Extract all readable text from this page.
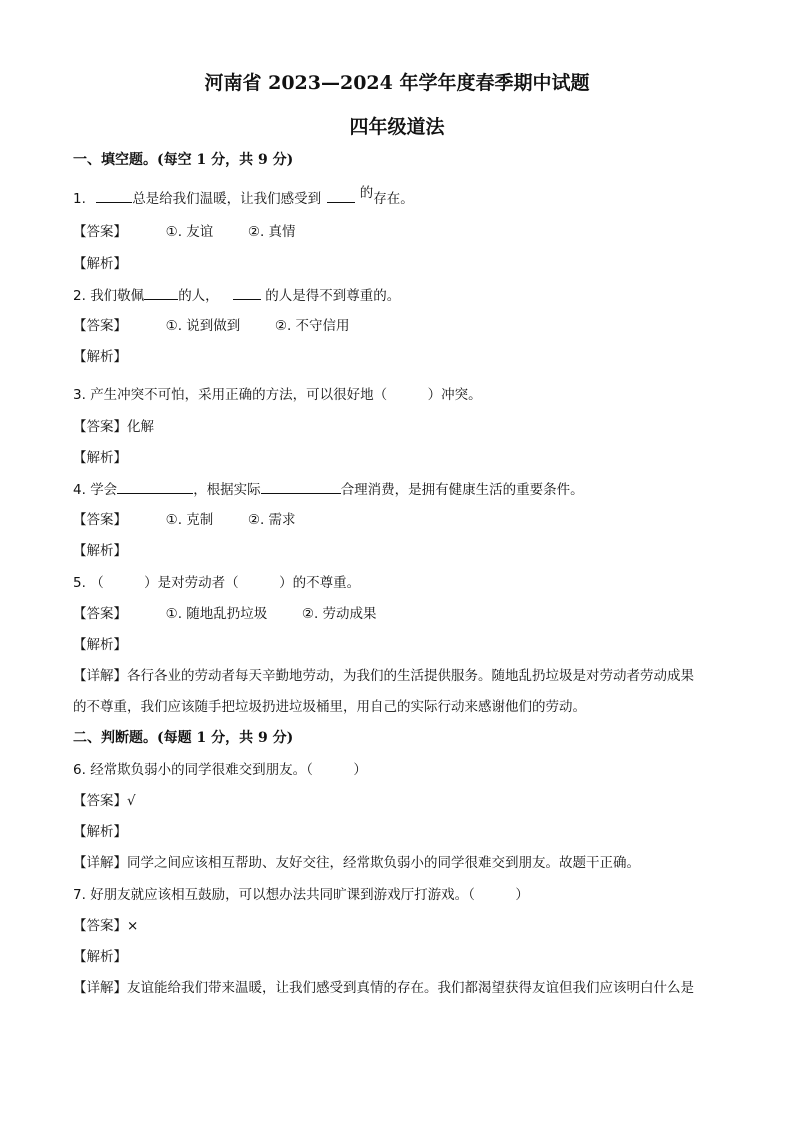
河南省 2023—2024 年学年度春季期中试题
四年级道法
一、填空题。(每空 1 分，共 9 分)
1.	总是给我们温暖，让我们感受到	的存在。
【答案】	①. 友谊	②. 真情
【解析】
2. 我们敬佩	的人，	的人是得不到尊重的。
【答案】	①. 说到做到	②. 不守信用
【解析】
3. 产生冲突不可怕，采用正确的方法，可以很好地（　　　）冲突。
【答案】化解
【解析】
4. 学会	，根据实际	合理消费，是拥有健康生活的重要条件。
【答案】	①. 克制	②. 需求
【解析】
5. （　　　）是对劳动者（　　　）的不尊重。
【答案】	①. 随地乱扔垃圾	②. 劳动成果
【解析】
【详解】各行各业的劳动者每天辛勤地劳动，为我们的生活提供服务。随地乱扔垃圾是对劳动者劳动成果
的不尊重，我们应该随手把垃圾扔进垃圾桶里，用自己的实际行动来感谢他们的劳动。
二、判断题。(每题 1 分，共 9 分)
6. 经常欺负弱小的同学很难交到朋友。（　　　）
【答案】√
【解析】
【详解】同学之间应该相互帮助、友好交往，经常欺负弱小的同学很难交到朋友。故题干正确。
7. 好朋友就应该相互鼓励，可以想办法共同旷课到游戏厅打游戏。（　　　）
【答案】×
【解析】
【详解】友谊能给我们带来温暖，让我们感受到真情的存在。我们都渴望获得友谊但我们应该明白什么是
